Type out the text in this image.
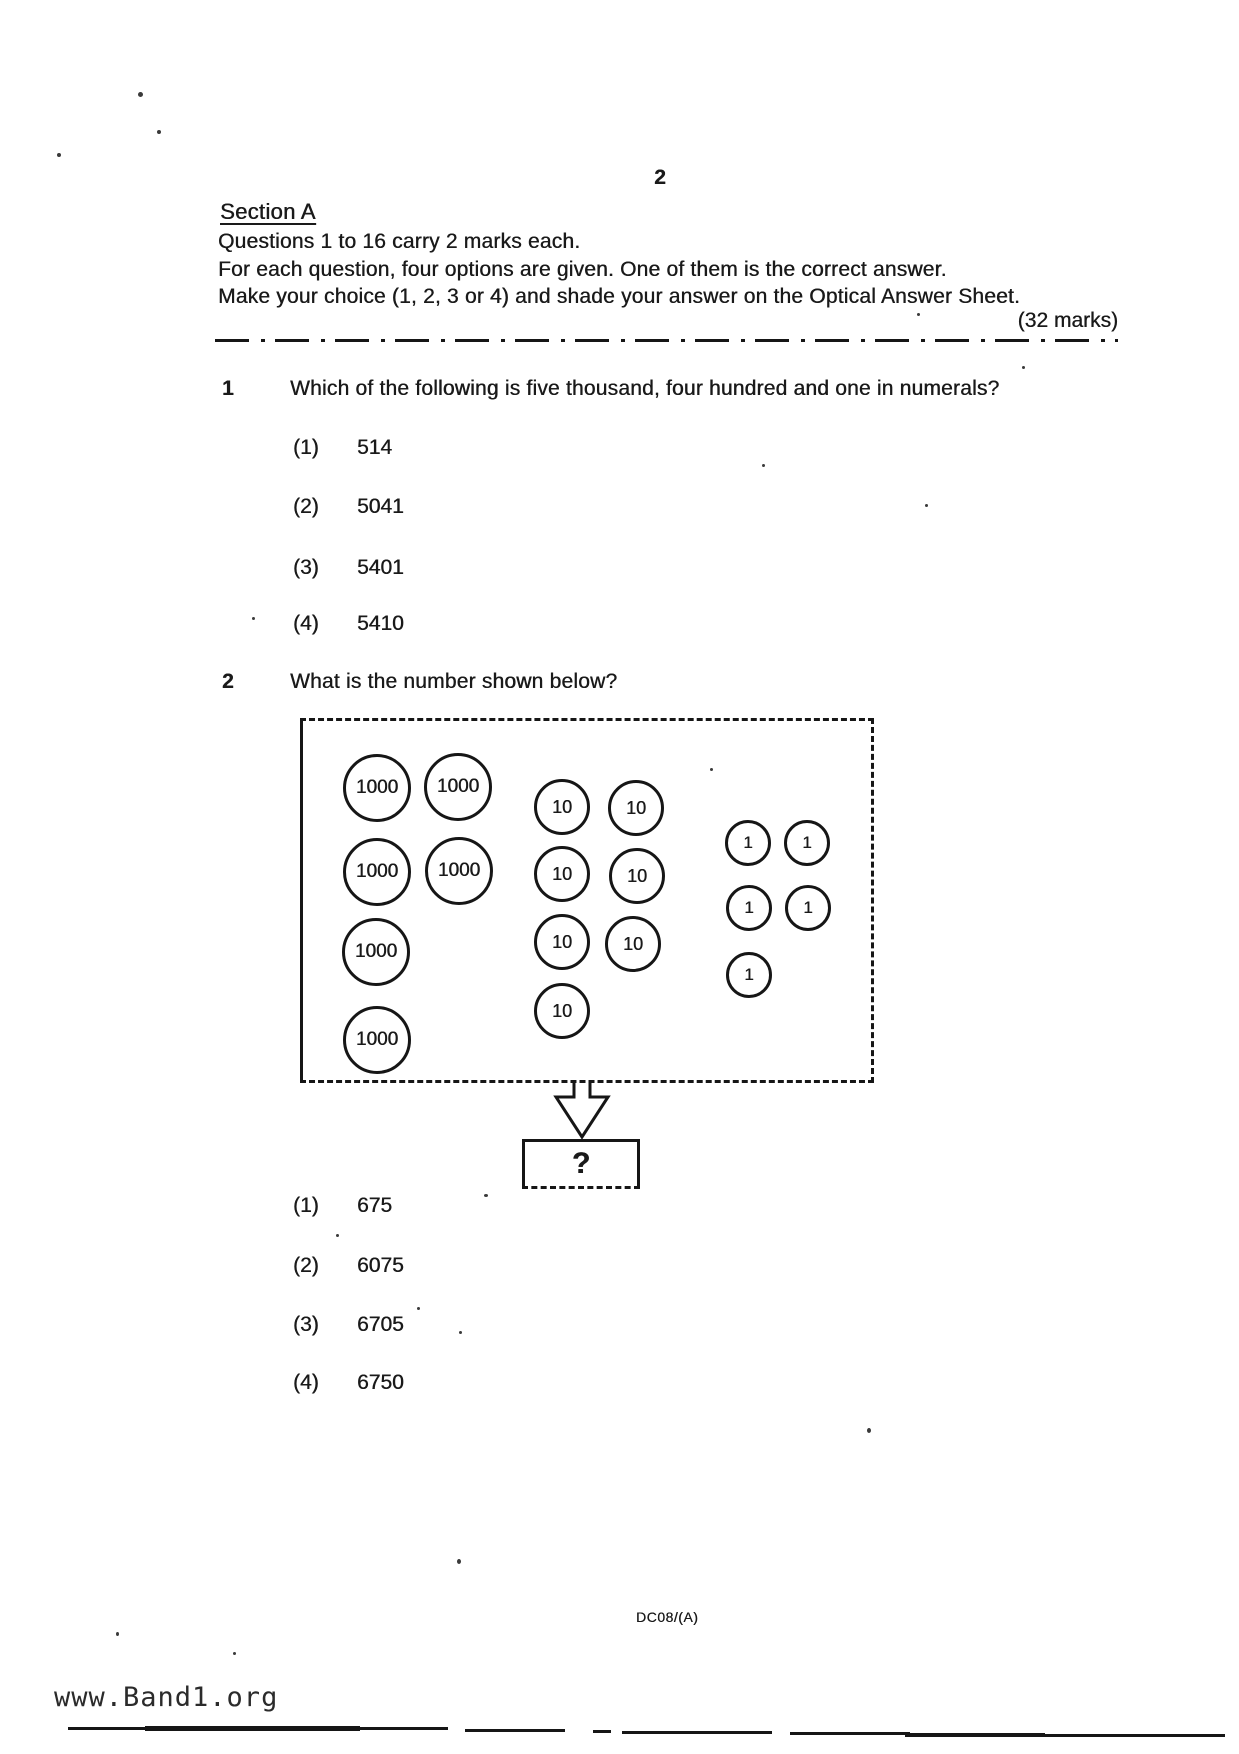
2
Section A
Questions 1 to 16 carry 2 marks each.
For each question, four options are given. One of them is the correct answer.
Make your choice (1, 2, 3 or 4) and shade your answer on the Optical Answer Sheet.
(32 marks)
1	Which of the following is five thousand, four hundred and one in numerals?
(1) 514
(2) 5041
(3) 5401
(4) 5410
2	What is the number shown below?
1000 1000
1000 1000
1000
1000
10	10
10	10
10	10
10
1	1
1	1
1
?
(1) 675
(2) 6075
(3) 6705
(4) 6750
DC08/(A)
www.Band1.org
